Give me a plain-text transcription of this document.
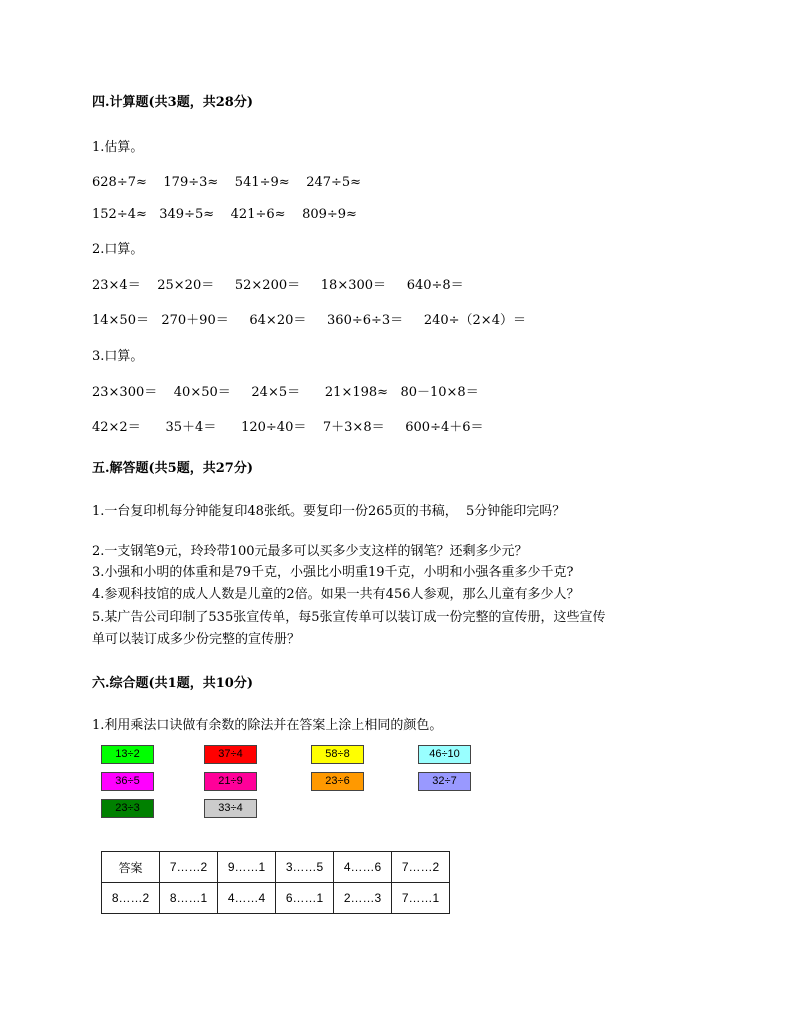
四.计算题(共3题，共28分)
1.估算。
628÷7≈    179÷3≈    541÷9≈    247÷5≈
152÷4≈   349÷5≈    421÷6≈    809÷9≈
2.口算。
23×4＝    25×20＝     52×200＝     18×300＝     640÷8＝
14×50＝   270＋90＝     64×20＝     360÷6÷3＝     240÷（2×4）＝
3.口算。
23×300＝    40×50＝     24×5＝      21×198≈   80－10×8＝
42×2＝      35＋4＝      120÷40＝    7＋3×8＝     600÷4＋6＝
五.解答题(共5题，共27分)
1.一台复印机每分钟能复印48张纸。要复印一份265页的书稿，  5分钟能印完吗？
2.一支钢笔9元，玲玲带100元最多可以买多少支这样的钢笔？还剩多少元？
3.小强和小明的体重和是79千克，小强比小明重19千克，小明和小强各重多少千克?
4.参观科技馆的成人人数是儿童的2倍。如果一共有456人参观，那么儿童有多少人？
5.某广告公司印制了535张宣传单，每5张宣传单可以装订成一份完整的宣传册，这些宣传
单可以装订成多少份完整的宣传册？
六.综合题(共1题，共10分)
1.利用乘法口诀做有余数的除法并在答案上涂上相同的颜色。
13÷2	37÷4	58÷8	46÷10
36÷5	21÷9	23÷6	32÷7
23÷3	33÷4
答案	7……2	9……1	3……5	4……6	7……2
8……2	8……1	4……4	6……1	2……3	7……1
